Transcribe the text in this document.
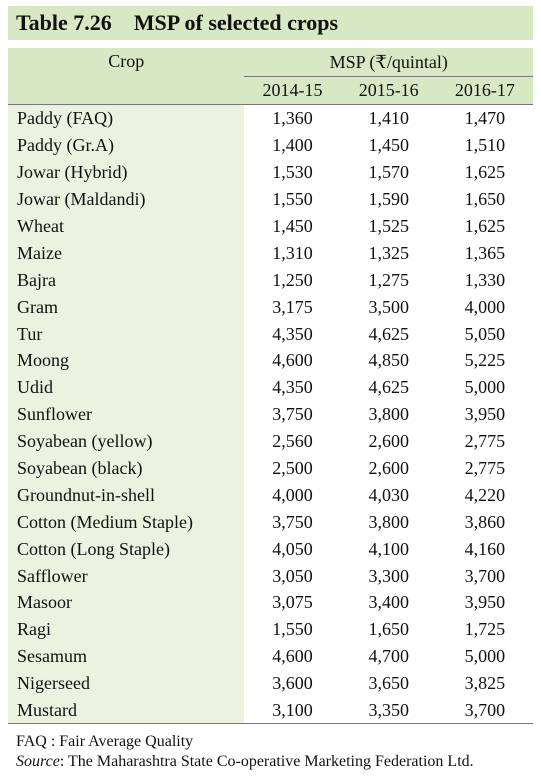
Table 7.26 MSP of selected crops
Crop	MSP (₹/quintal)		
	2014-15	2015-16	2016-17
Paddy (FAQ)	1,360	1,410	1,470
Paddy (Gr.A)	1,400	1,450	1,510
Jowar (Hybrid)	1,530	1,570	1,625
Jowar (Maldandi)	1,550	1,590	1,650
Wheat	1,450	1,525	1,625
Maize	1,310	1,325	1,365
Bajra	1,250	1,275	1,330
Gram	3,175	3,500	4,000
Tur	4,350	4,625	5,050
Moong	4,600	4,850	5,225
Udid	4,350	4,625	5,000
Sunflower	3,750	3,800	3,950
Soyabean (yellow)	2,560	2,600	2,775
Soyabean (black)	2,500	2,600	2,775
Groundnut-in-shell	4,000	4,030	4,220
Cotton (Medium Staple)	3,750	3,800	3,860
Cotton (Long Staple)	4,050	4,100	4,160
Safflower	3,050	3,300	3,700
Masoor	3,075	3,400	3,950
Ragi	1,550	1,650	1,725
Sesamum	4,600	4,700	5,000
Nigerseed	3,600	3,650	3,825
Mustard	3,100	3,350	3,700
FAQ : Fair Average Quality
Source: The Maharashtra State Co-operative Marketing Federation Ltd.
